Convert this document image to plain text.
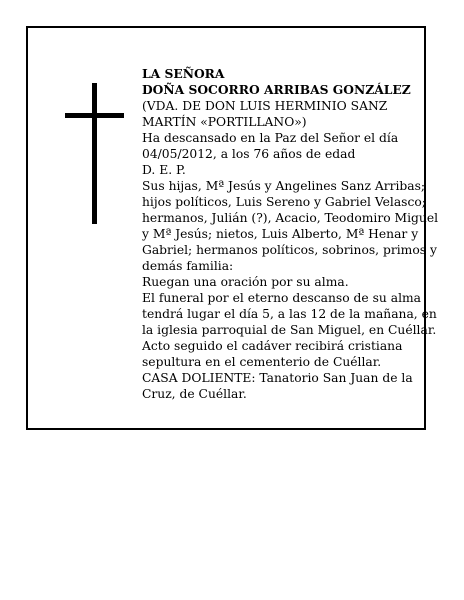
LA SEÑORA

DOÑA SOCORRO ARRIBAS GONZÁLEZ

(VDA. DE DON LUIS HERMINIO SANZ MARTÍN «PORTILLANO»)

Ha descansado en la Paz del Señor el día 04/05/2012, a los 76 años de edad

D. E. P.

Sus hijas, Mª Jesús y Angelines Sanz Arribas; hijos políticos, Luis Sereno y Gabriel Velasco; hermanos, Julián (?), Acacio, Teodomiro Miguel y Mª Jesús; nietos, Luis Alberto, Mª Henar y Gabriel; hermanos políticos, sobrinos, primos y demás familia:

Ruegan una oración por su alma.

El funeral por el eterno descanso de su alma tendrá lugar el día 5, a las 12 de la mañana, en la iglesia parroquial de San Miguel, en Cuéllar. Acto seguido el cadáver recibirá cristiana sepultura en el cementerio de Cuéllar.

CASA DOLIENTE: Tanatorio San Juan de la Cruz, de Cuéllar.
